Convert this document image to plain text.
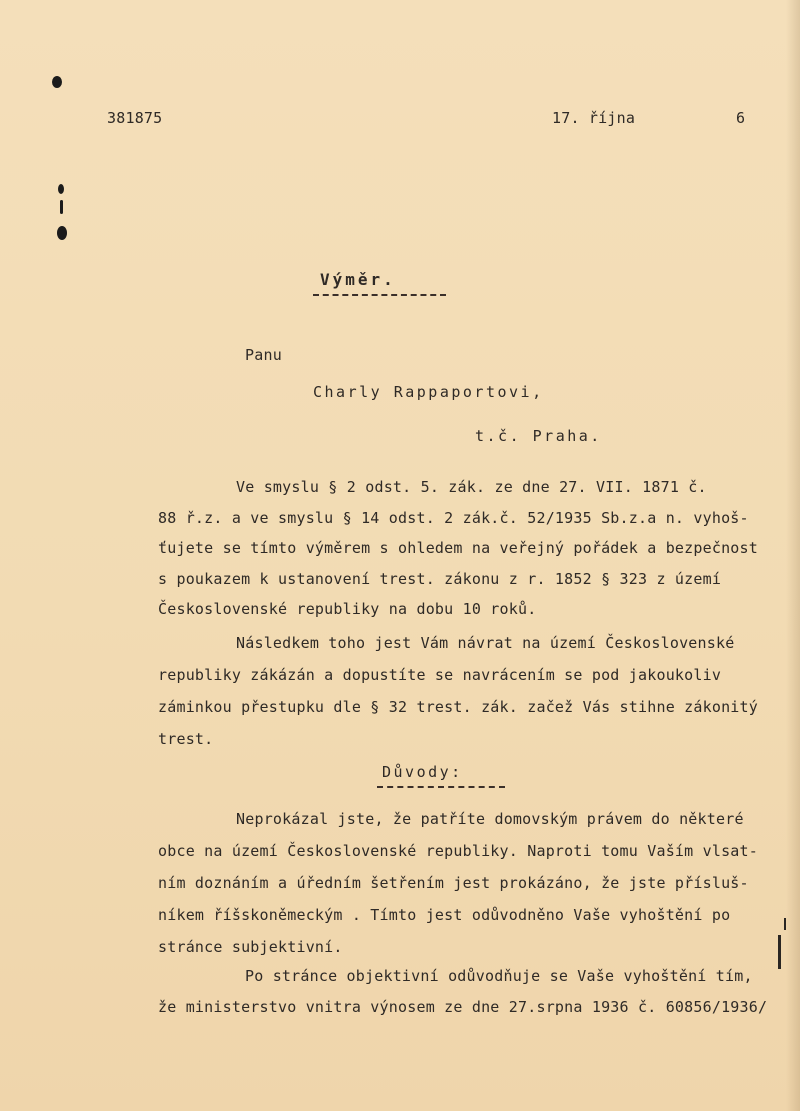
381875	17. října	6
Výměr.
Panu
Charly Rappaportovi,
t.č. Praha.
Ve smyslu § 2 odst. 5. zák. ze dne 27. VII. 1871 č.
88 ř.z. a ve smyslu § 14 odst. 2 zák.č. 52/1935 Sb.z.a n. vyhoš-
ťujete se tímto výměrem s ohledem na veřejný pořádek a bezpečnost
s poukazem k ustanovení trest. zákonu z r. 1852 § 323 z území
Československé republiky na dobu 10 roků.
Následkem toho jest Vám návrat na území Československé
republiky zákázán a dopustíte se navrácením se pod jakoukoliv
záminkou přestupku dle § 32 trest. zák. začež Vás stihne zákonitý
trest.
Důvody:
Neprokázal jste, že patříte domovským právem do některé
obce na území Československé republiky. Naproti tomu Vaším vlsat-
ním doznáním a úředním šetřením jest prokázáno, že jste přísluš-
níkem říšskoněmeckým . Tímto jest odůvodněno Vaše vyhoštění po
stránce subjektivní.
Po stránce objektivní odůvodňuje se Vaše vyhoštění tím,
že ministerstvo vnitra výnosem ze dne 27.srpna 1936 č. 60856/1936/
